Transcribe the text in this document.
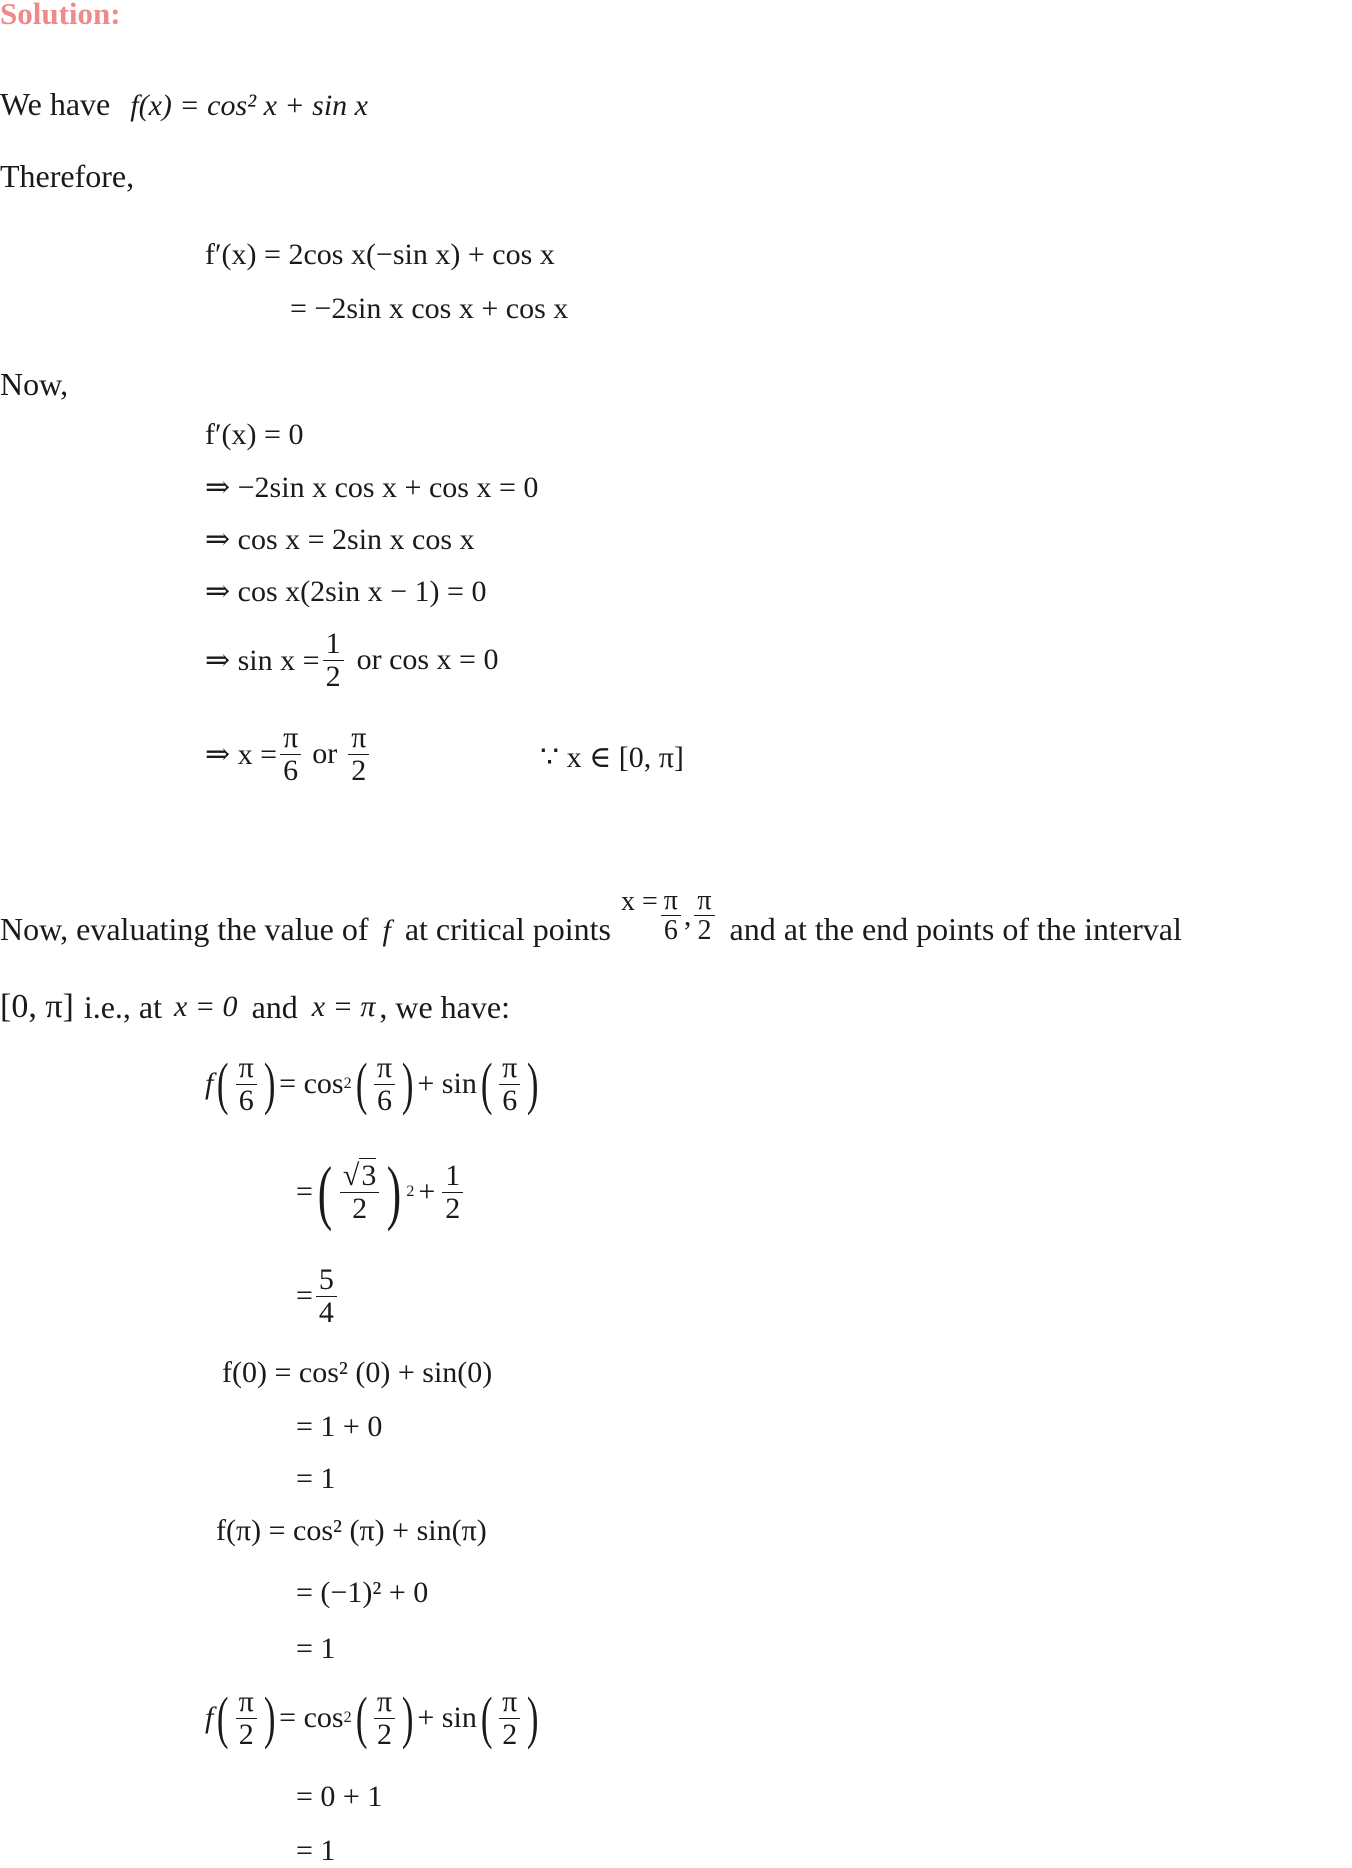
Solution:
We have f(x) = cos² x + sin x
Therefore,
f′(x) = 2cos x(−sin x) + cos x
= −2sin x cos x + cos x
Now,
f′(x) = 0
⇒ −2sin x cos x + cos x = 0
⇒ cos x = 2sin x cos x
⇒ cos x(2sin x − 1) = 0
⇒ $\sin x = \frac{1}{2}$ or cos x = 0
⇒ $x = \frac{\pi}{6}$ or $\frac{\pi}{2}$	∵ x ∈ [0, π]
Now, evaluating the value of f at critical points
$x = \frac{\pi}{6}$ , $\frac{\pi}{2}$ and at the end points of the interval
[0, π] i.e., at x = 0 and x = π , we have:
f ( $\frac{\pi}{6}$ ) = cos 2 ( $\frac{\pi}{6}$ ) + sin ( $\frac{\pi}{6}$ )
= ( $\frac{√3}{2}$ ) $2 + \frac{1}{2}$
= $\frac{5}{4}$
f(0) = cos² (0) + sin(0)
= 1 + 0
= 1
f(π) = cos² (π) + sin(π)
= (−1)² + 0
= 1
f ( $\frac{\pi}{2}$ ) = cos 2 ( $\frac{\pi}{2}$ ) + sin ( $\frac{\pi}{2}$ )
= 0 + 1
= 1
